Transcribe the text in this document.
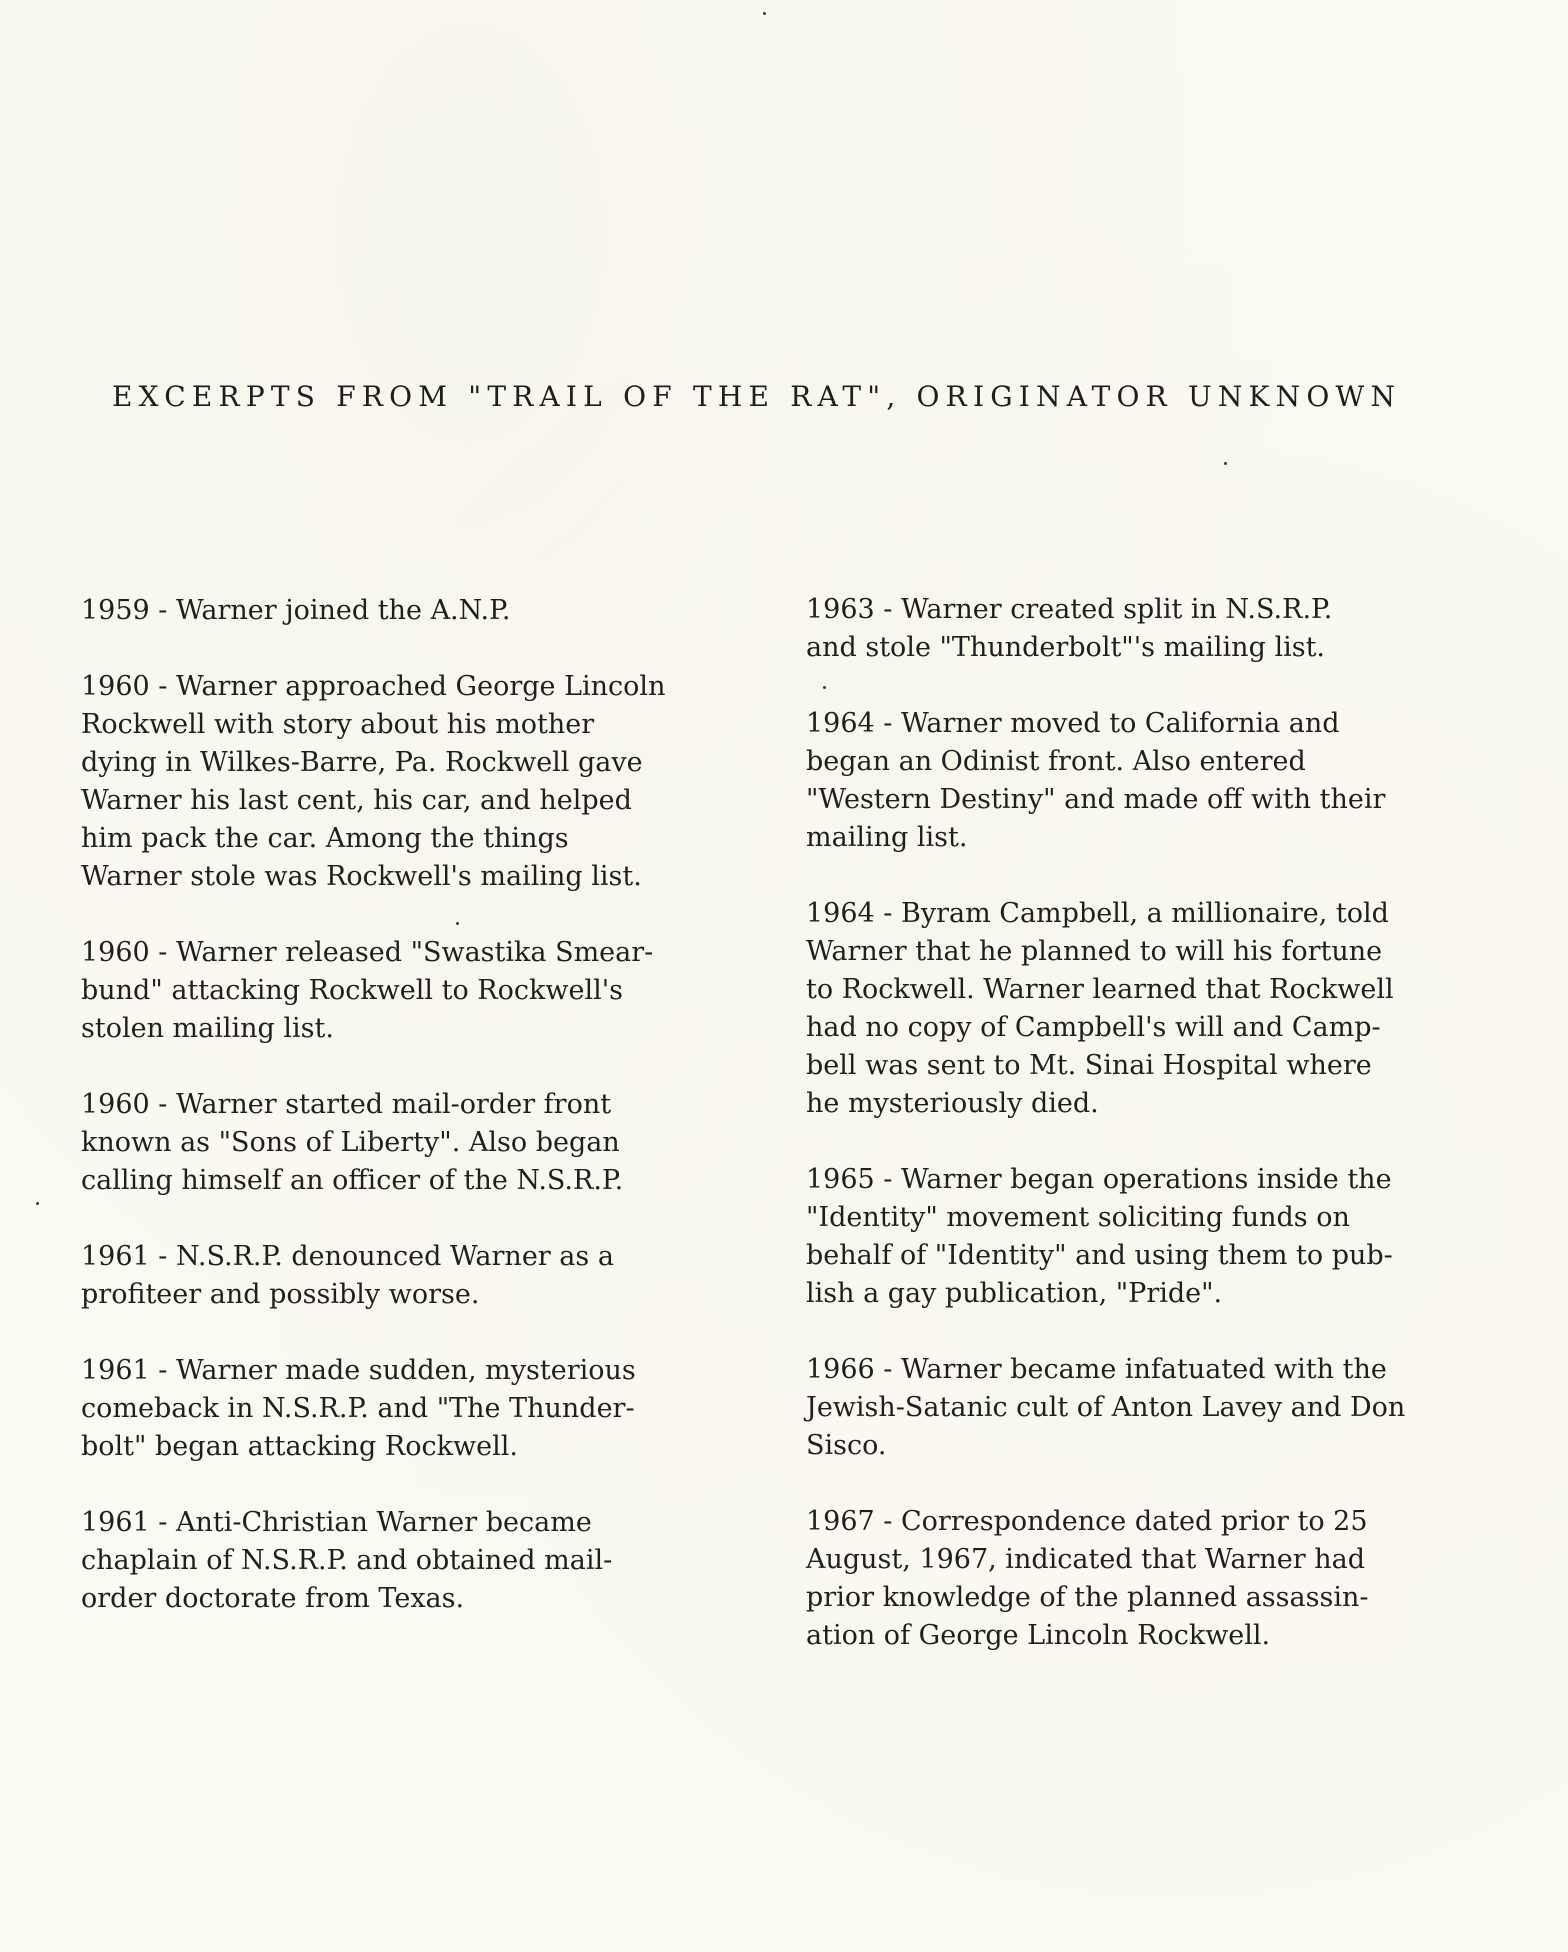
EXCERPTS FROM "TRAIL OF THE RAT", ORIGINATOR UNKNOWN
1959 - Warner joined the A.N.P.
1960 - Warner approached George Lincoln
Rockwell with story about his mother
dying in Wilkes-Barre, Pa. Rockwell gave
Warner his last cent, his car, and helped
him pack the car. Among the things
Warner stole was Rockwell's mailing list.
1960 - Warner released "Swastika Smear-
bund" attacking Rockwell to Rockwell's
stolen mailing list.
1960 - Warner started mail-order front
known as "Sons of Liberty". Also began
calling himself an officer of the N.S.R.P.
1961 - N.S.R.P. denounced Warner as a
profiteer and possibly worse.
1961 - Warner made sudden, mysterious
comeback in N.S.R.P. and "The Thunder-
bolt" began attacking Rockwell.
1961 - Anti-Christian Warner became
chaplain of N.S.R.P. and obtained mail-
order doctorate from Texas.
1963 - Warner created split in N.S.R.P.
and stole "Thunderbolt"'s mailing list.
1964 - Warner moved to California and
began an Odinist front. Also entered
"Western Destiny" and made off with their
mailing list.
1964 - Byram Campbell, a millionaire, told
Warner that he planned to will his fortune
to Rockwell. Warner learned that Rockwell
had no copy of Campbell's will and Camp-
bell was sent to Mt. Sinai Hospital where
he mysteriously died.
1965 - Warner began operations inside the
"Identity" movement soliciting funds on
behalf of "Identity" and using them to pub-
lish a gay publication, "Pride".
1966 - Warner became infatuated with the
Jewish-Satanic cult of Anton Lavey and Don
Sisco.
1967 - Correspondence dated prior to 25
August, 1967, indicated that Warner had
prior knowledge of the planned assassin-
ation of George Lincoln Rockwell.
